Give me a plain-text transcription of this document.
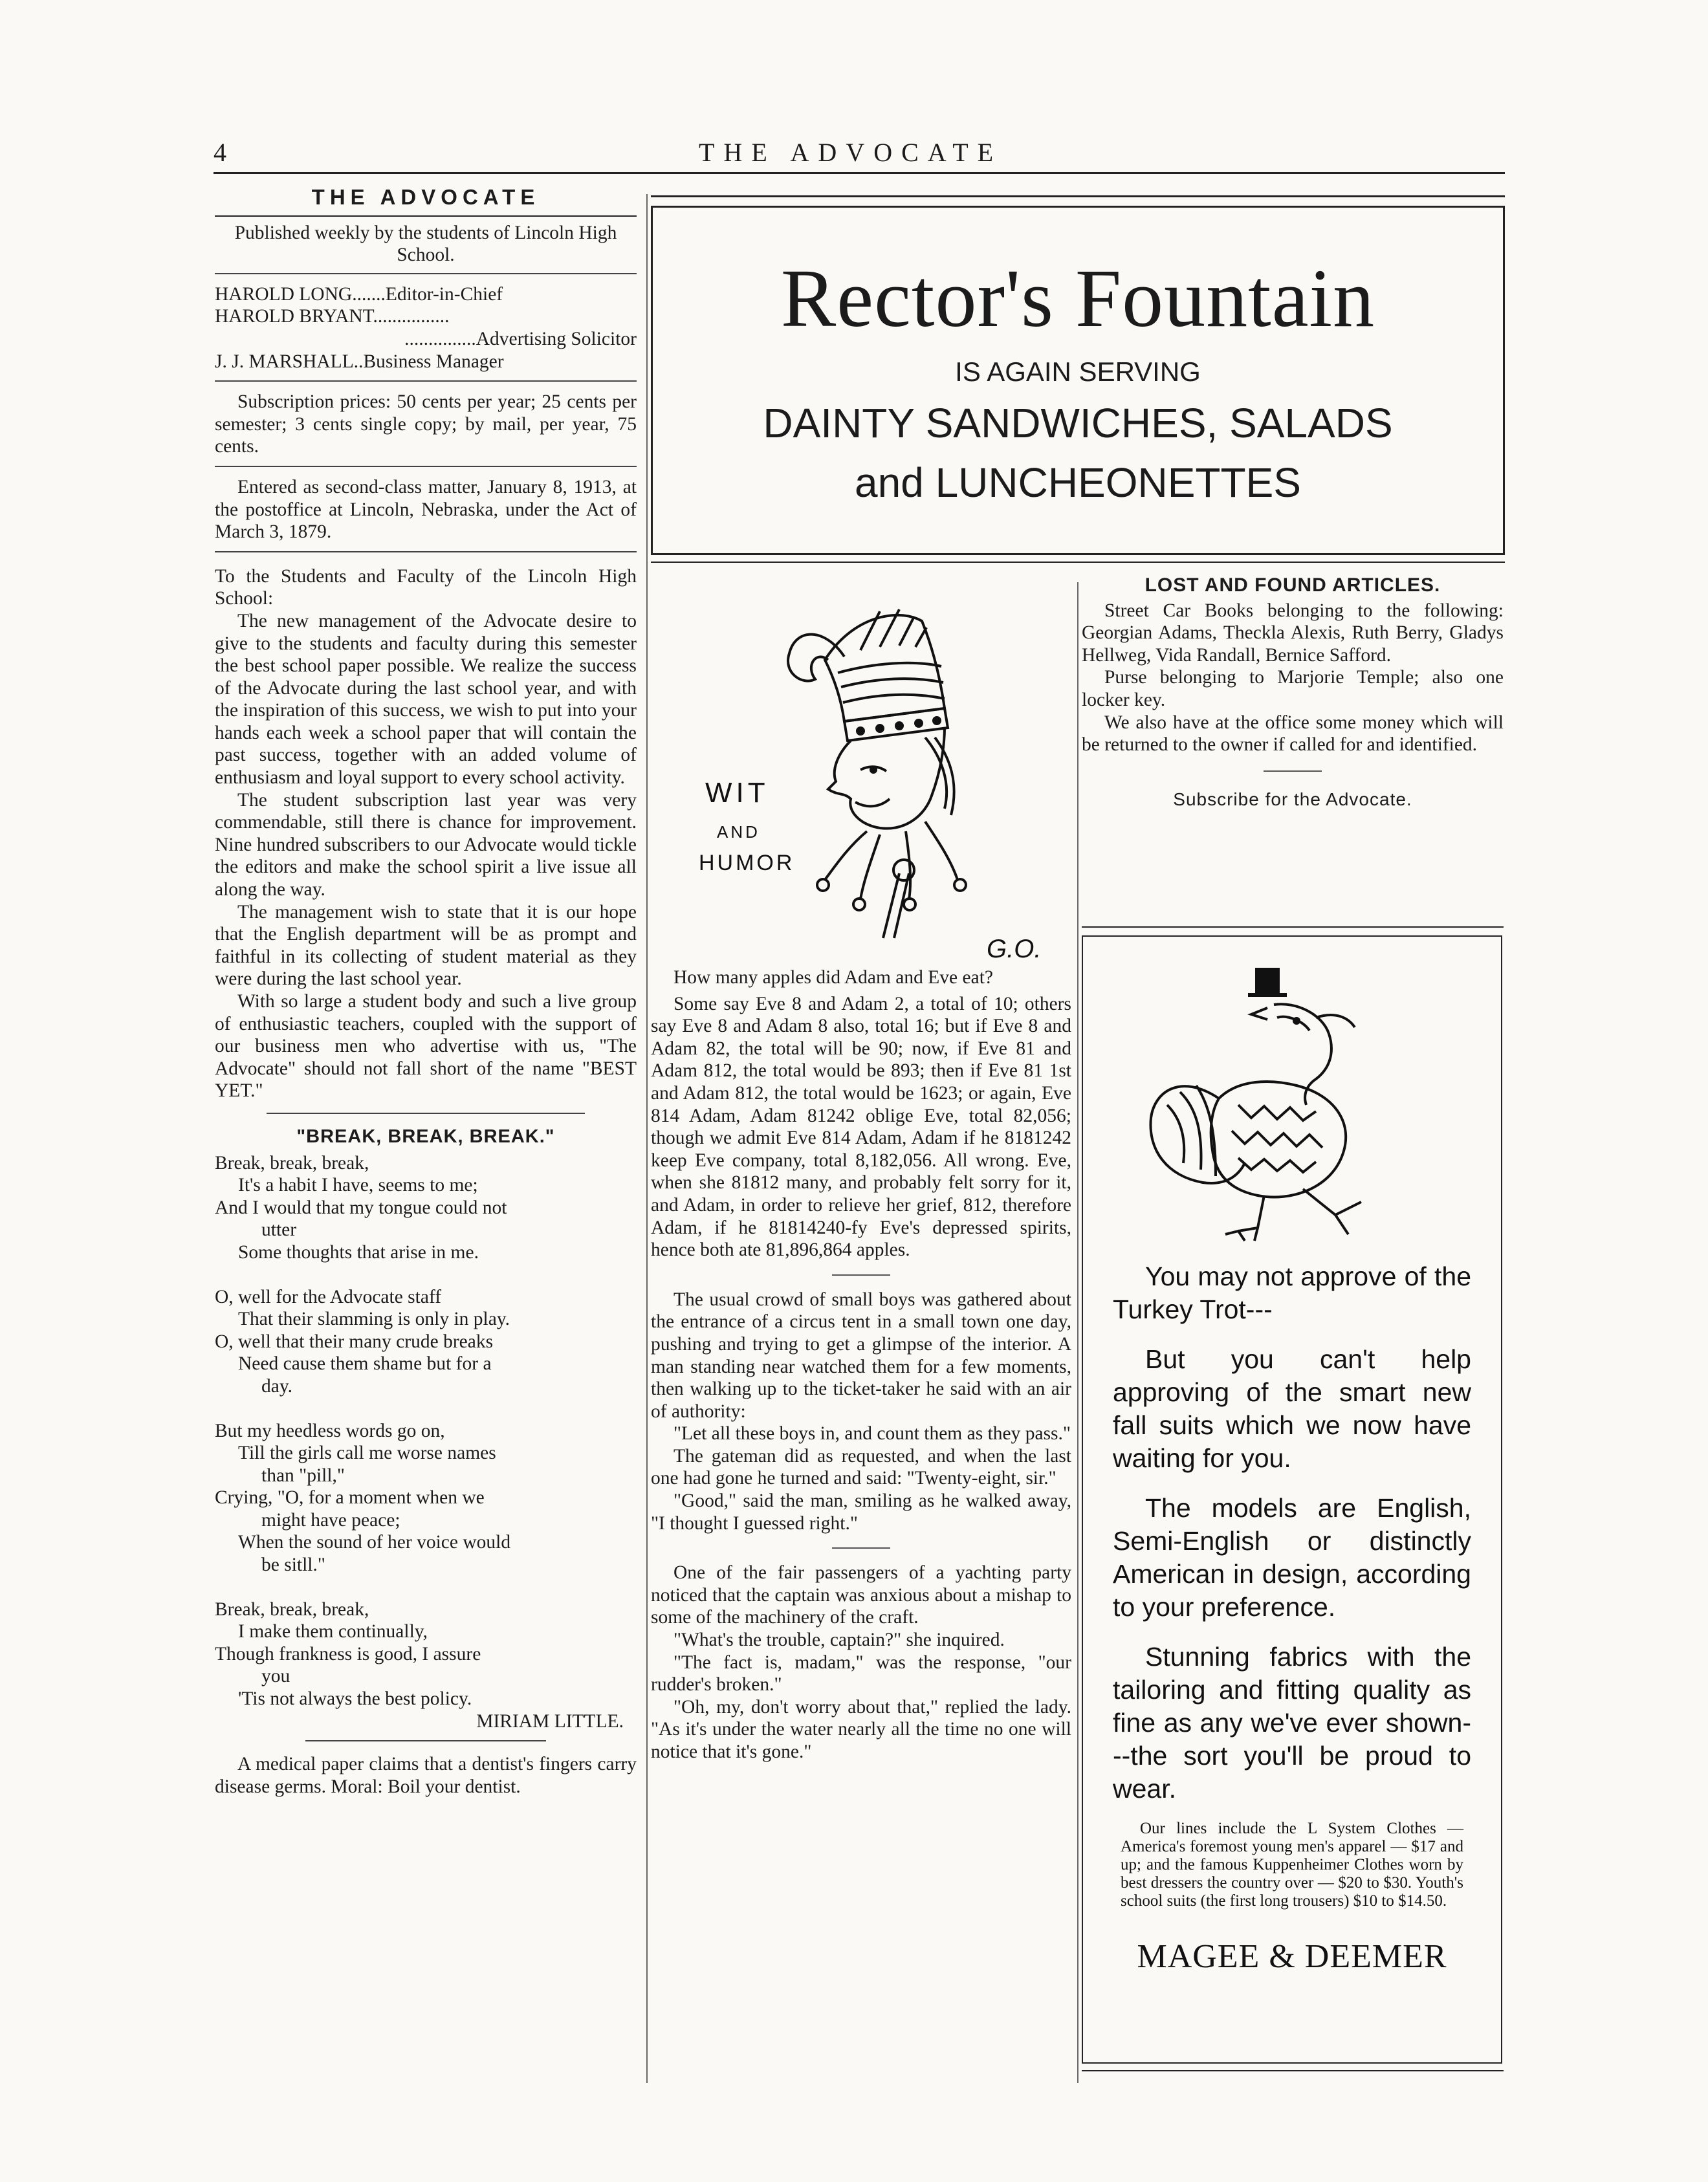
4	THE ADVOCATE
THE ADVOCATE

Published weekly by the students of Lincoln High School.

HAROLD LONG.......Editor-in-Chief
HAROLD BRYANT................
...............Advertising Solicitor
J. J. MARSHALL..Business Manager

Subscription prices: 50 cents per year; 25 cents per semester; 3 cents single copy; by mail, per year, 75 cents.

Entered as second-class matter, January 8, 1913, at the postoffice at Lincoln, Nebraska, under the Act of March 3, 1879.

To the Students and Faculty of the Lincoln High School:

The new management of the Advocate desire to give to the students and faculty during this semester the best school paper possible. We realize the success of the Advocate during the last school year, and with the inspiration of this success, we wish to put into your hands each week a school paper that will contain the past success, together with an added volume of enthusiasm and loyal support to every school activity.

The student subscription last year was very commendable, still there is chance for improvement. Nine hundred subscribers to our Advocate would tickle the editors and make the school spirit a live issue all along the way.

The management wish to state that it is our hope that the English department will be as prompt and faithful in its collecting of student material as they were during the last school year.

With so large a student body and such a live group of enthusiastic teachers, coupled with the support of our business men who advertise with us, "The Advocate" should not fall short of the name "BEST YET."

"BREAK, BREAK, BREAK."
Break, break, break,
It's a habit I have, seems to me;
And I would that my tongue could not
utter
Some thoughts that arise in me.
O, well for the Advocate staff
That their slamming is only in play.
O, well that their many crude breaks
Need cause them shame but for a
day.
But my heedless words go on,
Till the girls call me worse names
than "pill,"
Crying, "O, for a moment when we
might have peace;
When the sound of her voice would
be sitll."
Break, break, break,
I make them continually,
Though frankness is good, I assure
you
'Tis not always the best policy.
MIRIAM LITTLE.

A medical paper claims that a dentist's fingers carry disease germs. Moral: Boil your dentist.

Rector's Fountain
IS AGAIN SERVING
DAINTY SANDWICHES, SALADS
and LUNCHEONETTES
WIT
AND
HUMOR
G.O.

How many apples did Adam and Eve eat?

Some say Eve 8 and Adam 2, a total of 10; others say Eve 8 and Adam 8 also, total 16; but if Eve 8 and Adam 82, the total will be 90; now, if Eve 81 and Adam 812, the total would be 893; then if Eve 81 1st and Adam 812, the total would be 1623; or again, Eve 814 Adam, Adam 81242 oblige Eve, total 82,056; though we admit Eve 814 Adam, Adam if he 8181242 keep Eve company, total 8,182,056. All wrong. Eve, when she 81812 many, and probably felt sorry for it, and Adam, in order to relieve her grief, 812, therefore Adam, if he 81814240-fy Eve's depressed spirits, hence both ate 81,896,864 apples.

The usual crowd of small boys was gathered about the entrance of a circus tent in a small town one day, pushing and trying to get a glimpse of the interior. A man standing near watched them for a few moments, then walking up to the ticket-taker he said with an air of authority:

"Let all these boys in, and count them as they pass."

The gateman did as requested, and when the last one had gone he turned and said: "Twenty-eight, sir."

"Good," said the man, smiling as he walked away, "I thought I guessed right."

One of the fair passengers of a yachting party noticed that the captain was anxious about a mishap to some of the machinery of the craft.

"What's the trouble, captain?" she inquired.

"The fact is, madam," was the response, "our rudder's broken."

"Oh, my, don't worry about that," replied the lady. "As it's under the water nearly all the time no one will notice that it's gone."

LOST AND FOUND ARTICLES.

Street Car Books belonging to the following: Georgian Adams, Theckla Alexis, Ruth Berry, Gladys Hellweg, Vida Randall, Bernice Safford.

Purse belonging to Marjorie Temple; also one locker key.

We also have at the office some money which will be returned to the owner if called for and identified.

Subscribe for the Advocate.

You may not approve of the Turkey Trot---

But you can't help approving of the smart new fall suits which we now have waiting for you.

The models are English, Semi-English or distinctly American in design, according to your preference.

Stunning fabrics with the tailoring and fitting quality as fine as any we've ever shown---the sort you'll be proud to wear.

Our lines include the L System Clothes — America's foremost young men's apparel — $17 and up; and the famous Kuppenheimer Clothes worn by best dressers the country over — $20 to $30. Youth's school suits (the first long trousers) $10 to $14.50.

MAGEE & DEEMER
